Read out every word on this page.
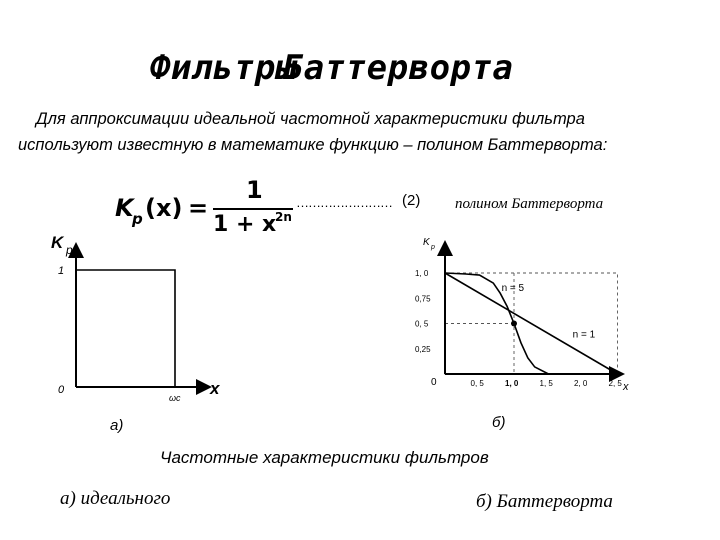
ФильтрыБаттерворта
Для аппроксимации идеальной частотной характеристики фильтра
используют известную в математике функцию – полином Баттерворта:
K
p (x) =
1
1 + x
2n
…………………… (2) полином Баттерворта
K p
x
1
0
ωc
а)
K p
x
1, 0
0,75
0, 5
0,25
0	0, 5	1, 0	1, 5	2, 0	2, 5
n = 5
n = 1
б)
Частотные характеристики фильтров
а) идеального	б) Баттерворта
